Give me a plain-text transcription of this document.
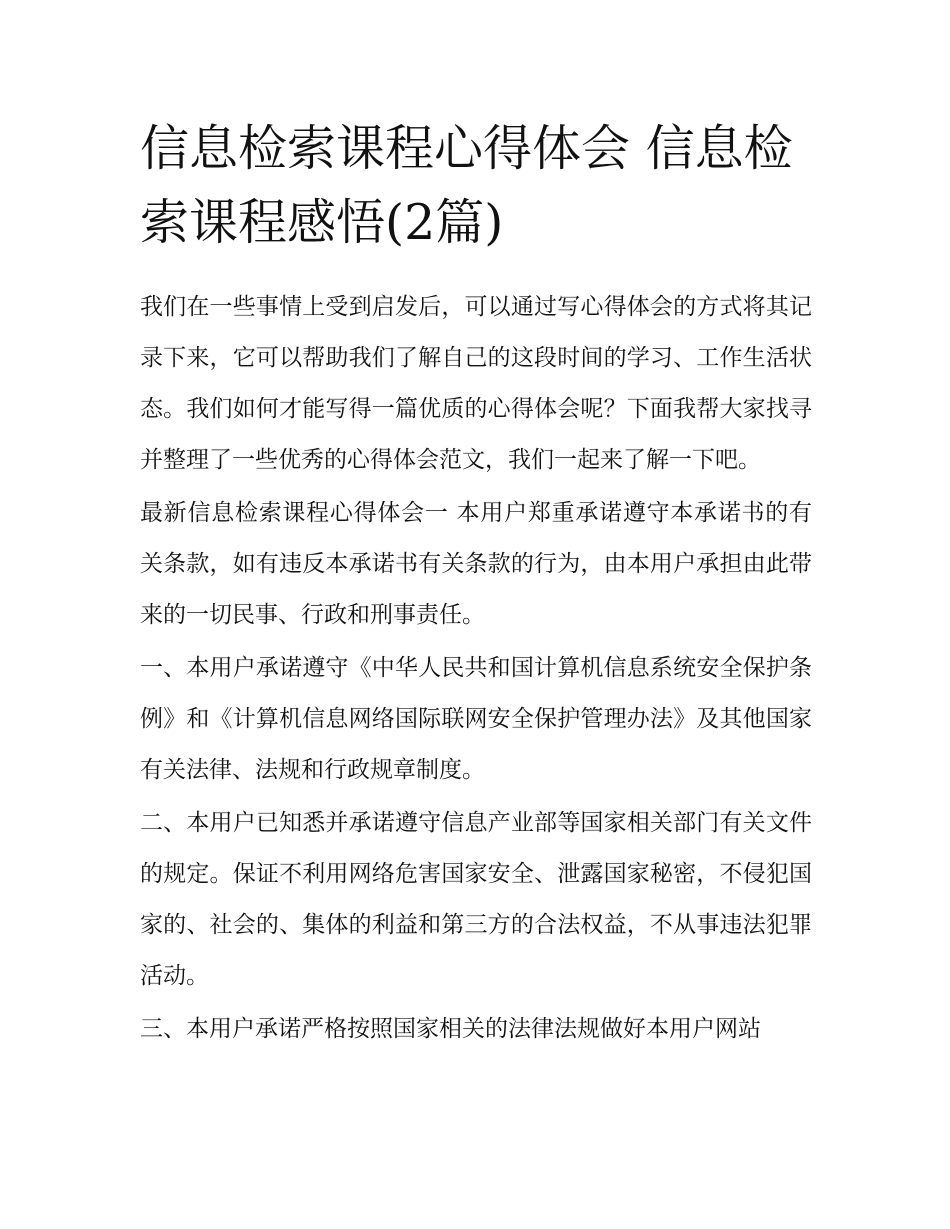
信息检索课程心得体会 信息检索课程感悟(2篇)

我们在一些事情上受到启发后，可以通过写心得体会的方式将其记录下来，它可以帮助我们了解自己的这段时间的学习、工作生活状态。我们如何才能写得一篇优质的心得体会呢？下面我帮大家找寻并整理了一些优秀的心得体会范文，我们一起来了解一下吧。

最新信息检索课程心得体会一 本用户郑重承诺遵守本承诺书的有关条款，如有违反本承诺书有关条款的行为，由本用户承担由此带来的一切民事、行政和刑事责任。

一、本用户承诺遵守《中华人民共和国计算机信息系统安全保护条例》和《计算机信息网络国际联网安全保护管理办法》及其他国家有关法律、法规和行政规章制度。

二、本用户已知悉并承诺遵守信息产业部等国家相关部门有关文件的规定。保证不利用网络危害国家安全、泄露国家秘密，不侵犯国家的、社会的、集体的利益和第三方的合法权益，不从事违法犯罪活动。

三、本用户承诺严格按照国家相关的法律法规做好本用户网站
